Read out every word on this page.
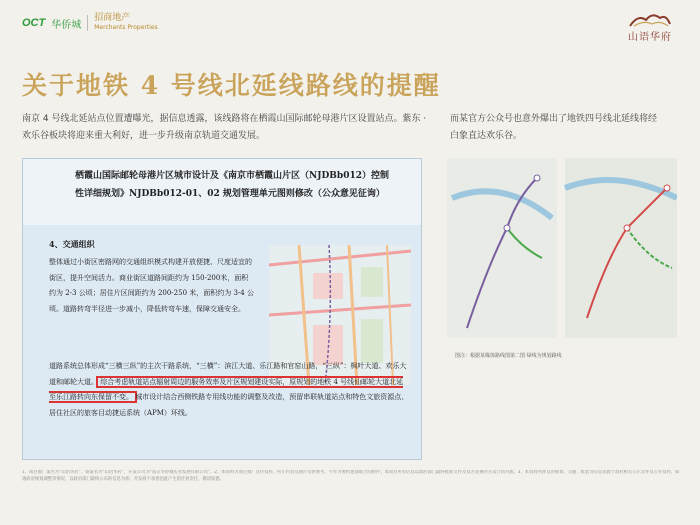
OCT 华侨城
招商地产
Merchants Properties
山语华府
关于地铁 4 号线北延线路线的提醒
南京 4 号线北延站点位置遭曝光，据信息透露，该线路将在栖霞山国际邮轮母港片区设置站点。紫东 · 欢乐谷板块将迎来重大利好，进一步升级南京轨道交通发展。
而某官方公众号也意外爆出了地铁四号线北延线将经白象直达欢乐谷。
栖霞山国际邮轮母港片区城市设计及《南京市栖霞山片区（NJDBb012）控制性详细规划》NJDBb012-01、02 规划管理单元图则修改（公众意见征询）
4、交通组织
整体通过小街区密路网的交通组织模式构建开放便捷、尺度适宜的街区，提升空间活力。商业街区道路间距约为 150-200米，面积约为 2-3 公顷；居住片区间距约为 200-250 米，面积约为 3-4 公顷。道路转弯半径进一步减小，降低转弯车速，保障交通安全。
道路系统总体形成“三横三纵”的主次干路系统，“三横”：滨江大道、乐江路和官窑山路，“三纵”：枫叶大道、欢乐大道和邮轮大道。 综合考虑轨道站点辐射周边的服务效率及片区规划建设实际，原规划的地铁 4 号线仙邮轮大道北延至乐江路转向东保留不变。 城市设计结合西侧铁路专用线功能的调整及改造，预留串联轨道站点和特色文旅资源点、居住社区的旅客目动捷运系统（APM）环线。
图注：根据某媒体路线图第二图 绿线为规划路线
1、项目推广案名为“山语华府”，备案名为“山语华府”，开发公司为“南京华侨城实业发展有限公司”。2、本资料为项目推广宣传资料，所示内容及图片仅供参考，不作为要约邀请或合同附件；本项目所有信息以政府部门最终批准文件及双方签署的买卖合同为准。3、本资料所涉及的规划、交通、配套等信息来源于政府相关公示文件及公开资料，如遇政府规划调整等情况，以政府部门最终公布的信息为准；开发商不承担因此产生的任何责任，敬请知悉。
